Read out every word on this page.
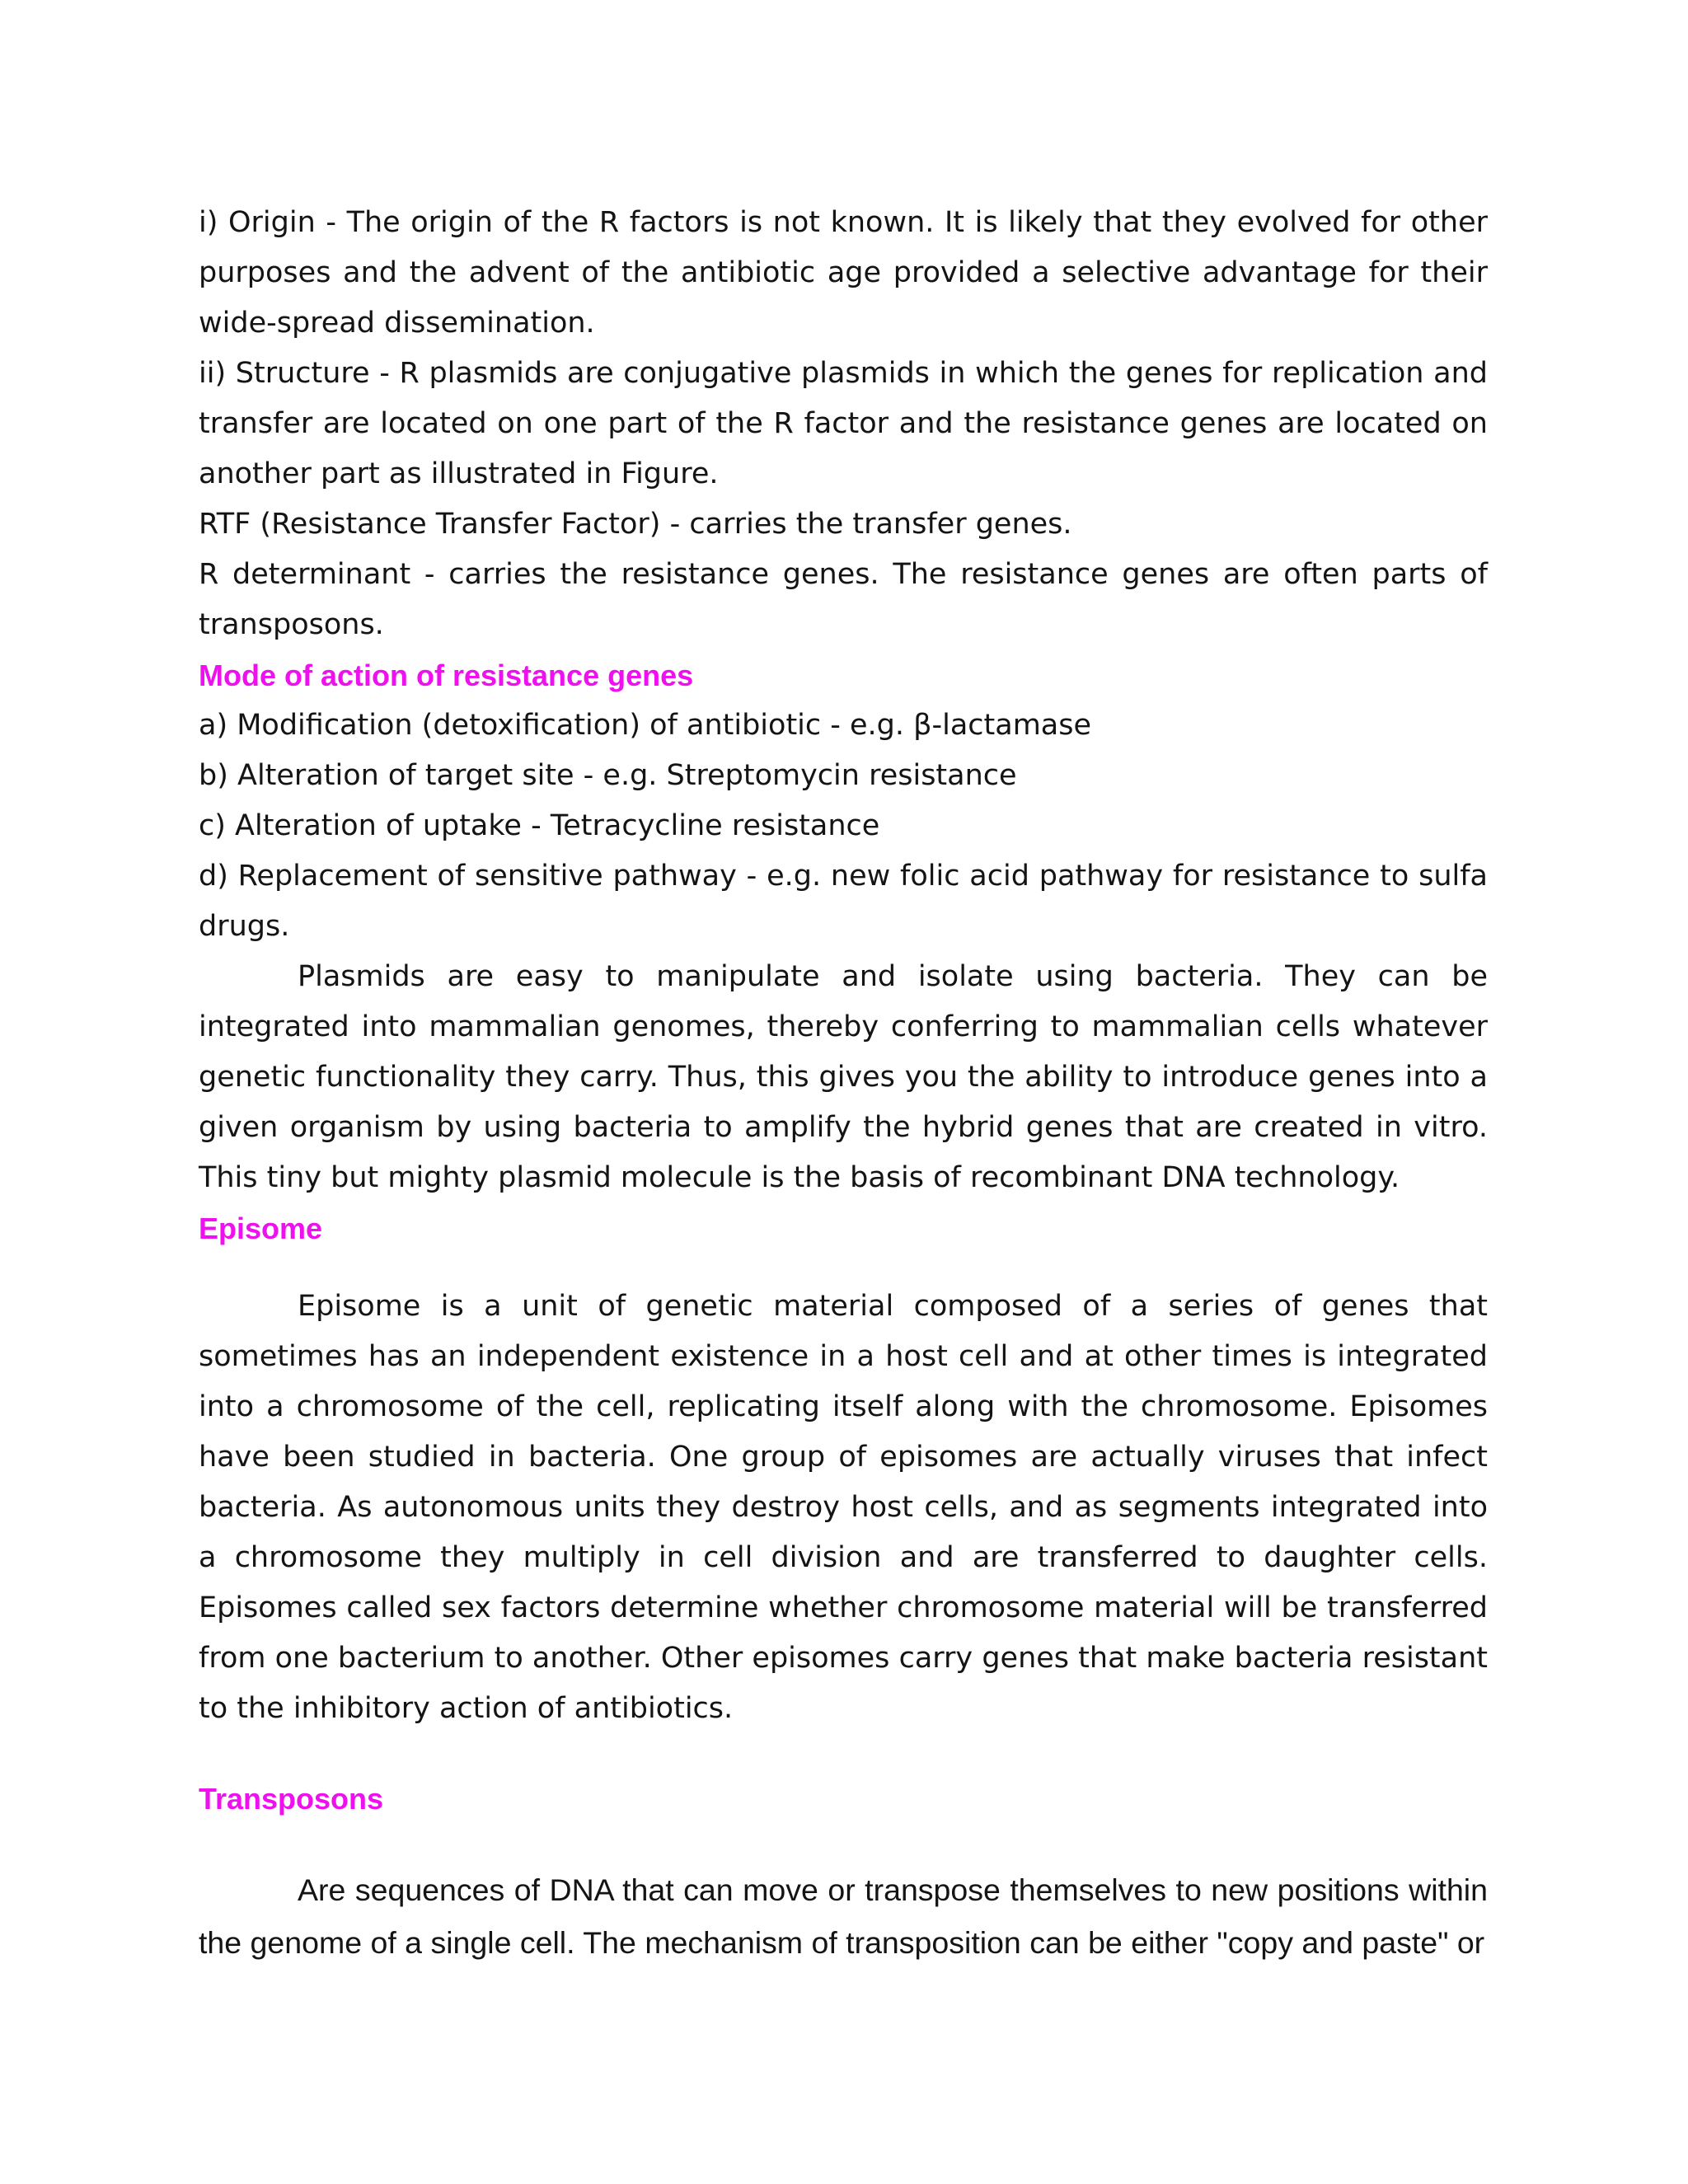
i) Origin - The origin of the R factors is not known. It is likely that they evolved for other purposes and the advent of the antibiotic age provided a selective advantage for their wide-spread dissemination.

ii) Structure - R plasmids are conjugative plasmids in which the genes for replication and transfer are located on one part of the R factor and the resistance genes are located on another part as illustrated in Figure.

RTF (Resistance Transfer Factor) - carries the transfer genes.

R determinant - carries the resistance genes. The resistance genes are often parts of transposons.

Mode of action of resistance genes

a) Modification (detoxification) of antibiotic - e.g. β-lactamase

b) Alteration of target site - e.g. Streptomycin resistance

c) Alteration of uptake - Tetracycline resistance

d) Replacement of sensitive pathway - e.g. new folic acid pathway for resistance to sulfa drugs.

Plasmids are easy to manipulate and isolate using bacteria. They can be integrated into mammalian genomes, thereby conferring to mammalian cells whatever genetic functionality they carry. Thus, this gives you the ability to introduce genes into a given organism by using bacteria to amplify the hybrid genes that are created in vitro. This tiny but mighty plasmid molecule is the basis of recombinant DNA technology.

Episome

Episome is a unit of genetic material composed of a series of genes that sometimes has an independent existence in a host cell and at other times is integrated into a chromosome of the cell, replicating itself along with the chromosome. Episomes have been studied in bacteria. One group of episomes are actually viruses that infect bacteria. As autonomous units they destroy host cells, and as segments integrated into a chromosome they multiply in cell division and are transferred to daughter cells. Episomes called sex factors determine whether chromosome material will be transferred from one bacterium to another. Other episomes carry genes that make bacteria resistant to the inhibitory action of antibiotics.

Transposons

Are sequences of DNA that can move or transpose themselves to new positions within the genome of a single cell. The mechanism of transposition can be either "copy and paste" or
